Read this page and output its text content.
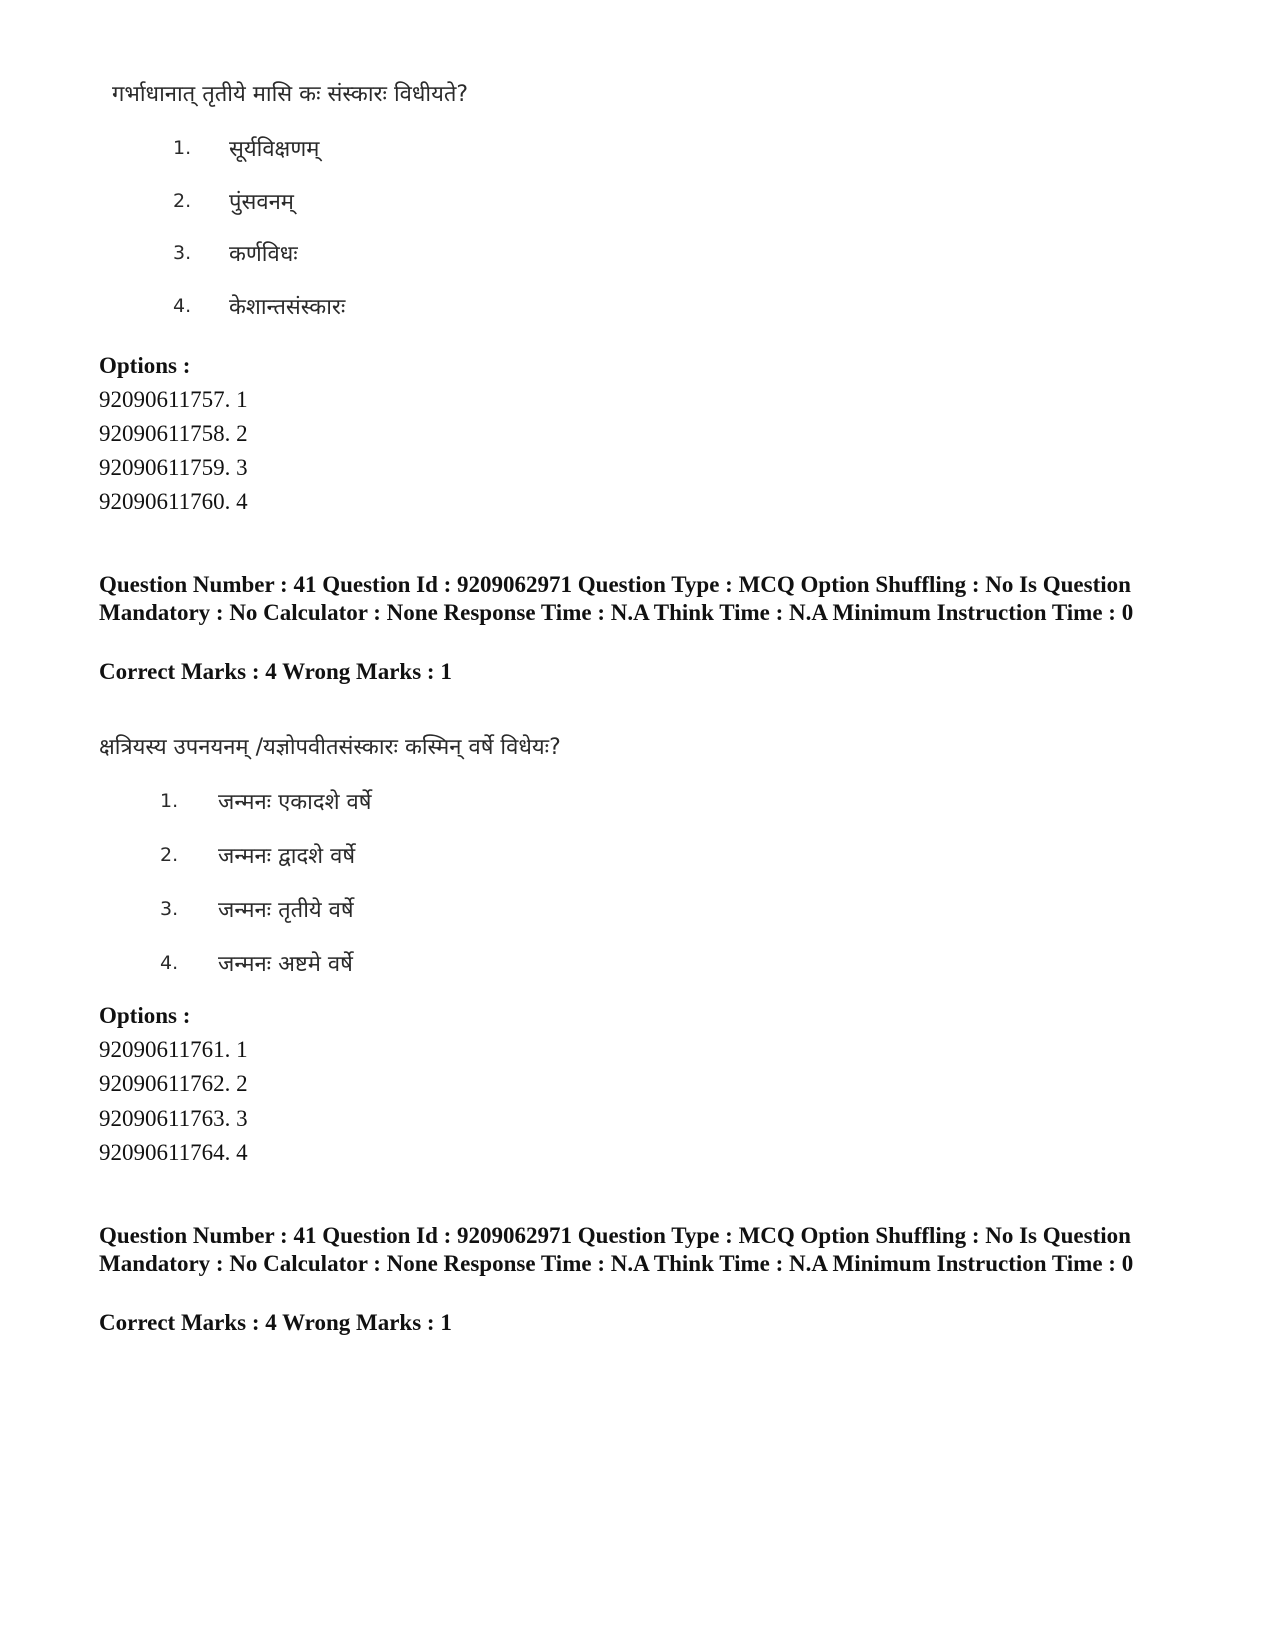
गर्भाधानात् तृतीये मासि कः संस्कारः विधीयते?
1. सूर्यविक्षणम्
2. पुंसवनम्
3. कर्णविधः
4. केशान्तसंस्कारः
Options :
92090611757. 1
92090611758. 2
92090611759. 3
92090611760. 4
Question Number : 41 Question Id : 9209062971 Question Type : MCQ Option Shuffling : No Is Question Mandatory : No Calculator : None Response Time : N.A Think Time : N.A Minimum Instruction Time : 0
Correct Marks : 4 Wrong Marks : 1
क्षत्रियस्य उपनयनम् /यज्ञोपवीतसंस्कारः कस्मिन् वर्षे विधेयः?
1. जन्मनः एकादशे वर्षे
2. जन्मनः द्वादशे वर्षे
3. जन्मनः तृतीये वर्षे
4. जन्मनः अष्टमे वर्षे
Options :
92090611761. 1
92090611762. 2
92090611763. 3
92090611764. 4
Question Number : 41 Question Id : 9209062971 Question Type : MCQ Option Shuffling : No Is Question Mandatory : No Calculator : None Response Time : N.A Think Time : N.A Minimum Instruction Time : 0
Correct Marks : 4 Wrong Marks : 1
